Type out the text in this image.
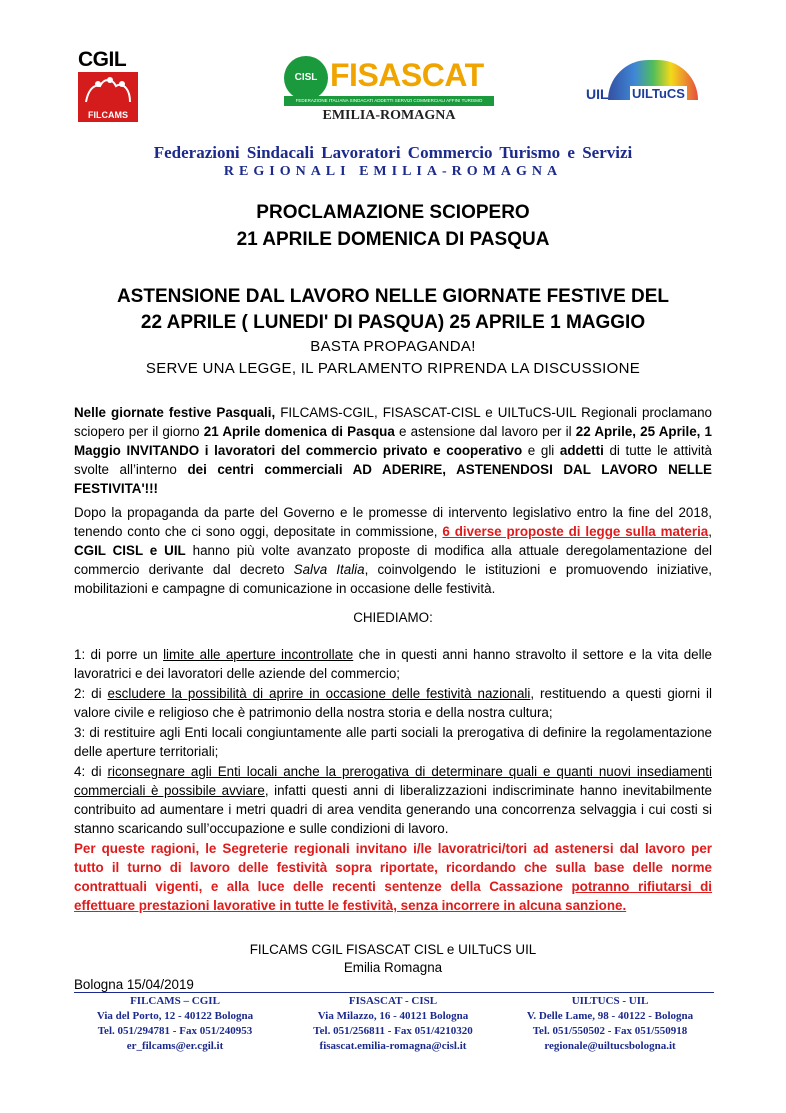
CGIL
FILCAMS
CISL FISASCAT
FEDERAZIONE ITALIANA SINDACATI ADDETTI SERVIZI COMMERCIALI AFFINI TURISMO
EMILIA-ROMAGNA
UIL UILTuCS
Federazioni Sindacali Lavoratori Commercio Turismo e Servizi
REGIONALI EMILIA-ROMAGNA
PROCLAMAZIONE SCIOPERO
21 APRILE DOMENICA DI PASQUA
ASTENSIONE DAL LAVORO NELLE GIORNATE FESTIVE DEL
22 APRILE ( LUNEDI' DI PASQUA) 25 APRILE 1 MAGGIO
BASTA PROPAGANDA!
SERVE UNA LEGGE, IL PARLAMENTO RIPRENDA LA DISCUSSIONE
Nelle giornate festive Pasquali, FILCAMS-CGIL, FISASCAT-CISL e UILTuCS-UIL Regionali proclamano sciopero per il giorno 21 Aprile domenica di Pasqua e astensione dal lavoro per il 22 Aprile, 25 Aprile, 1 Maggio INVITANDO i lavoratori del commercio privato e cooperativo e gli addetti di tutte le attività svolte all’interno dei centri commerciali AD ADERIRE, ASTENENDOSI DAL LAVORO NELLE FESTIVITA'!!!
Dopo la propaganda da parte del Governo e le promesse di intervento legislativo entro la fine del 2018, tenendo conto che ci sono oggi, depositate in commissione, 6 diverse proposte di legge sulla materia, CGIL CISL e UIL hanno più volte avanzato proposte di modifica alla attuale deregolamentazione del commercio derivante dal decreto Salva Italia, coinvolgendo le istituzioni e promuovendo iniziative, mobilitazioni e campagne di comunicazione in occasione delle festività.
CHIEDIAMO:
1: di porre un limite alle aperture incontrollate che in questi anni hanno stravolto il settore e la vita delle lavoratrici e dei lavoratori delle aziende del commercio;
2: di escludere la possibilità di aprire in occasione delle festività nazionali, restituendo a questi giorni il valore civile e religioso che è patrimonio della nostra storia e della nostra cultura;
3: di restituire agli Enti locali congiuntamente alle parti sociali la prerogativa di definire la regolamentazione delle aperture territoriali;
4: di riconsegnare agli Enti locali anche la prerogativa di determinare quali e quanti nuovi insediamenti commerciali è possibile avviare, infatti questi anni di liberalizzazioni indiscriminate hanno inevitabilmente contribuito ad aumentare i metri quadri di area vendita generando una concorrenza selvaggia i cui costi si stanno scaricando sull’occupazione e sulle condizioni di lavoro.
Per queste ragioni, le Segreterie regionali invitano i/le lavoratrici/tori ad astenersi dal lavoro per tutto il turno di lavoro delle festività sopra riportate, ricordando che sulla base delle norme contrattuali vigenti, e alla luce delle recenti sentenze della Cassazione potranno rifiutarsi di effettuare prestazioni lavorative in tutte le festività, senza incorrere in alcuna sanzione.
FILCAMS CGIL FISASCAT CISL e UILTuCS UIL
Emilia Romagna
Bologna 15/04/2019
FILCAMS – CGIL
Via del Porto, 12 - 40122 Bologna
Tel. 051/294781 - Fax 051/240953
er_filcams@er.cgil.it
FISASCAT - CISL
Via Milazzo, 16 - 40121 Bologna
Tel. 051/256811 - Fax 051/4210320
fisascat.emilia-romagna@cisl.it
UILTUCS - UIL
V. Delle Lame, 98 - 40122 - Bologna
Tel. 051/550502 - Fax 051/550918
regionale@uiltucsbologna.it
